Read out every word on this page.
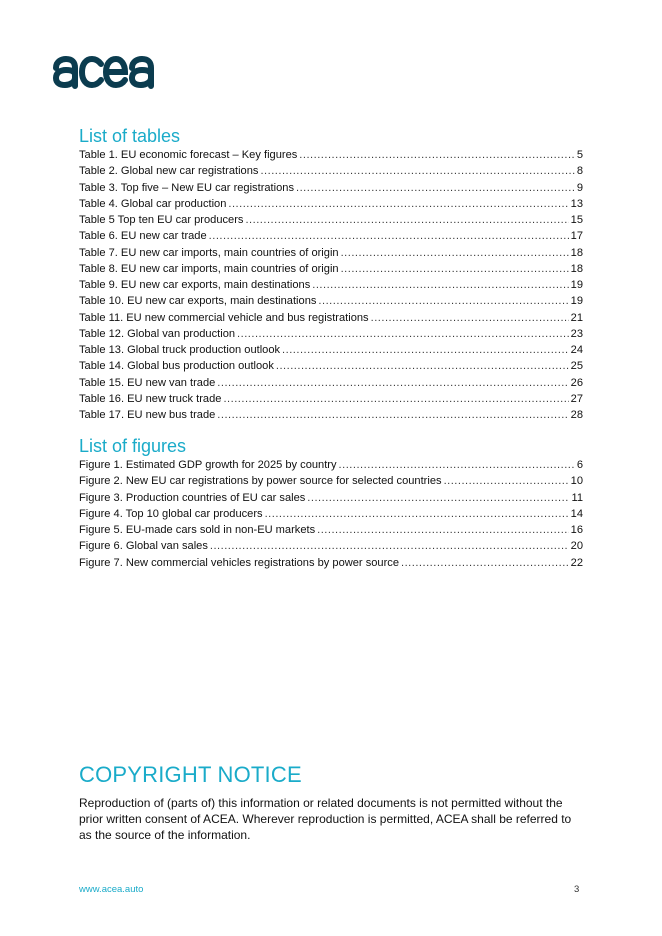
List of tables
Table 1. EU economic forecast – Key figures .....	5
Table 2. Global new car registrations .....	8
Table 3. Top five – New EU car registrations .....	9
Table 4. Global car production .....	13
Table 5 Top ten EU car producers .....	15
Table 6. EU new car trade .....	17
Table 7. EU new car imports, main countries of origin .....	18
Table 8. EU new car imports, main countries of origin .....	18
Table 9. EU new car exports, main destinations .....	19
Table 10. EU new car exports, main destinations .....	19
Table 11. EU new commercial vehicle and bus registrations .....	21
Table 12. Global van production .....	23
Table 13. Global truck production outlook .....	24
Table 14. Global bus production outlook .....	25
Table 15. EU new van trade .....	26
Table 16. EU new truck trade .....	27
Table 17. EU new bus trade .....	28
List of figures
Figure 1. Estimated GDP growth for 2025 by country .....	6
Figure 2. New EU car registrations by power source for selected countries .....	10
Figure 3. Production countries of EU car sales .....	11
Figure 4. Top 10 global car producers .....	14
Figure 5. EU-made cars sold in non-EU markets .....	16
Figure 6. Global van sales .....	20
Figure 7. New commercial vehicles registrations by power source .....	22
COPYRIGHT NOTICE

Reproduction of (parts of) this information or related documents is not permitted without the prior written consent of ACEA. Wherever reproduction is permitted, ACEA shall be referred to as the source of the information.

www.acea.auto	3
